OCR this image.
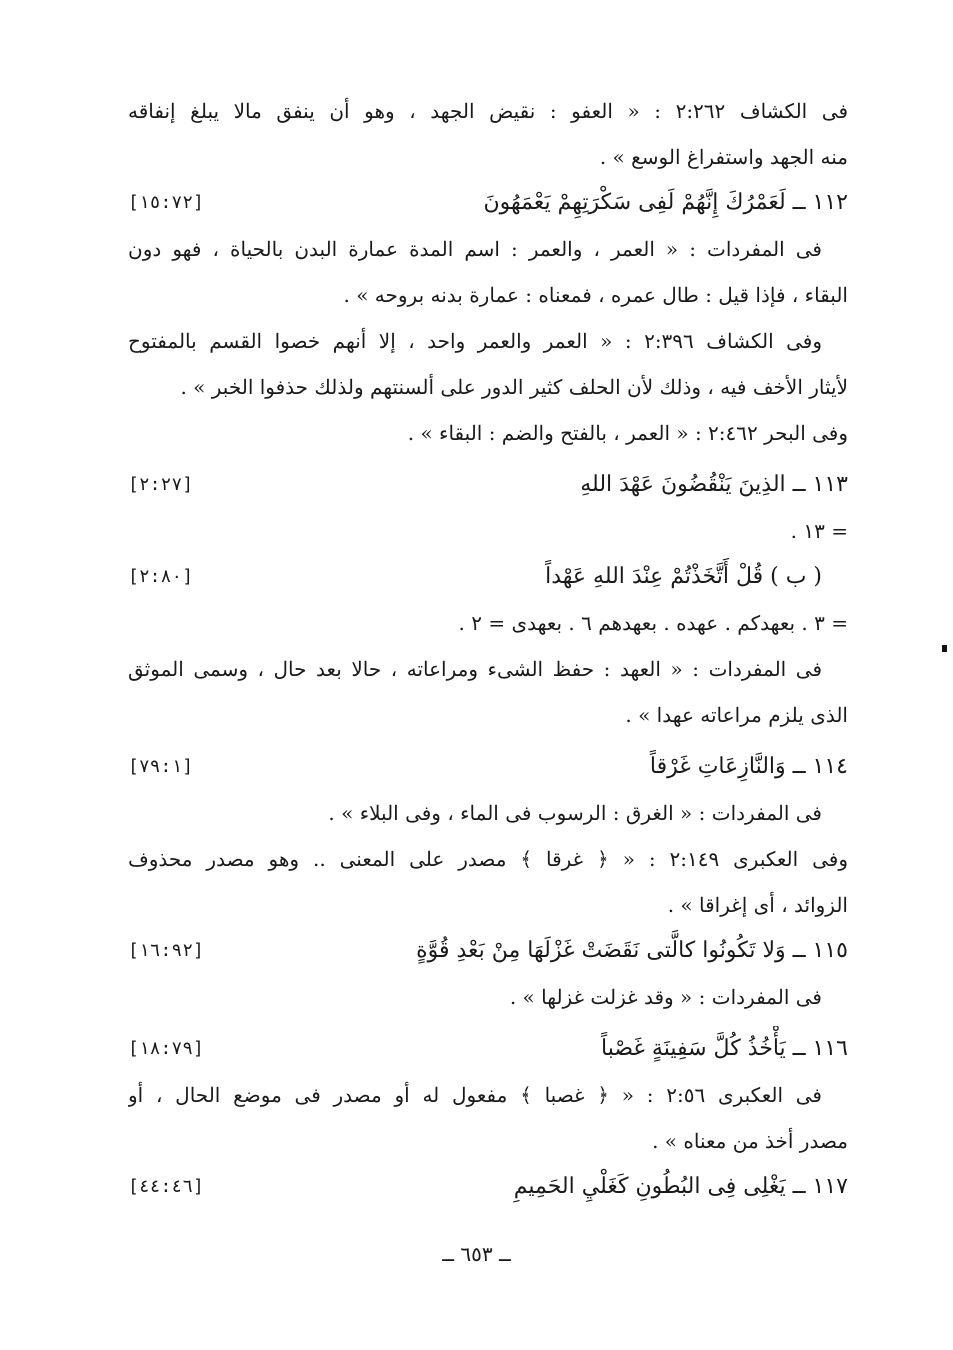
فى الكشاف ٢:٢٦٢ : « العفو : نقيض الجهد ، وهو أن ينفق مالا يبلغ إنفاقه
منه الجهد واستفراغ الوسع » .
١١٢ ــ لَعَمْرُكَ إِنَّهُمْ لَفِى سَكْرَتِهِمْ يَعْمَهُونَ
[١٥:٧٢]
فى المفردات : « العمر ، والعمر : اسم المدة عمارة البدن بالحياة ، فهو دون
البقاء ، فإذا قيل : طال عمره ، فمعناه : عمارة بدنه بروحه » .
وفى الكشاف ٢:٣٩٦ : « العمر والعمر واحد ، إلا أنهم خصوا القسم بالمفتوح
لأيثار الأخف فيه ، وذلك لأن الحلف كثير الدور على ألسنتهم ولذلك حذفوا الخبر » .
وفى البحر ٢:٤٦٢ : « العمر ، بالفتح والضم : البقاء » .
١١٣ ــ الذِينَ يَنْقُضُونَ عَهْدَ اللهِ
[٢:٢٧]
= ١٣ .
( ب ) قُلْ أَتَّخَذْتُمْ عِنْدَ اللهِ عَهْداً
[٢:٨٠]
= ٣ . بعهدكم . عهده . بعهدهم ٦ . بعهدى = ٢ .
فى المفردات : « العهد : حفظ الشىء ومراعاته ، حالا بعد حال ، وسمى الموثق
الذى يلزم مراعاته عهدا » .
١١٤ ــ وَالنَّازِعَاتِ غَرْقاً
[٧٩:١]
فى المفردات : « الغرق : الرسوب فى الماء ، وفى البلاء » .
وفى العكبرى ٢:١٤٩ : « ﴿ غرقا ﴾ مصدر على المعنى .. وهو مصدر محذوف
الزوائد ، أى إغراقا » .
١١٥ ــ وَلا تَكُونُوا كالَّتى نَقَضَتْ غَزْلَهَا مِنْ بَعْدِ قُوَّةٍ
[١٦:٩٢]
فى المفردات : « وقد غزلت غزلها » .
١١٦ ــ يَأْخُذُ كُلَّ سَفِينَةٍ غَصْباً
[١٨:٧٩]
فى العكبرى ٢:٥٦ : « ﴿ غصبا ﴾ مفعول له أو مصدر فى موضع الحال ، أو
مصدر أخذ من معناه » .
١١٧ ــ يَغْلِى فِى البُطُونِ كَغَلْيِ الحَمِيمِ
[٤٤:٤٦]
ــ ٦٥٣ ــ
